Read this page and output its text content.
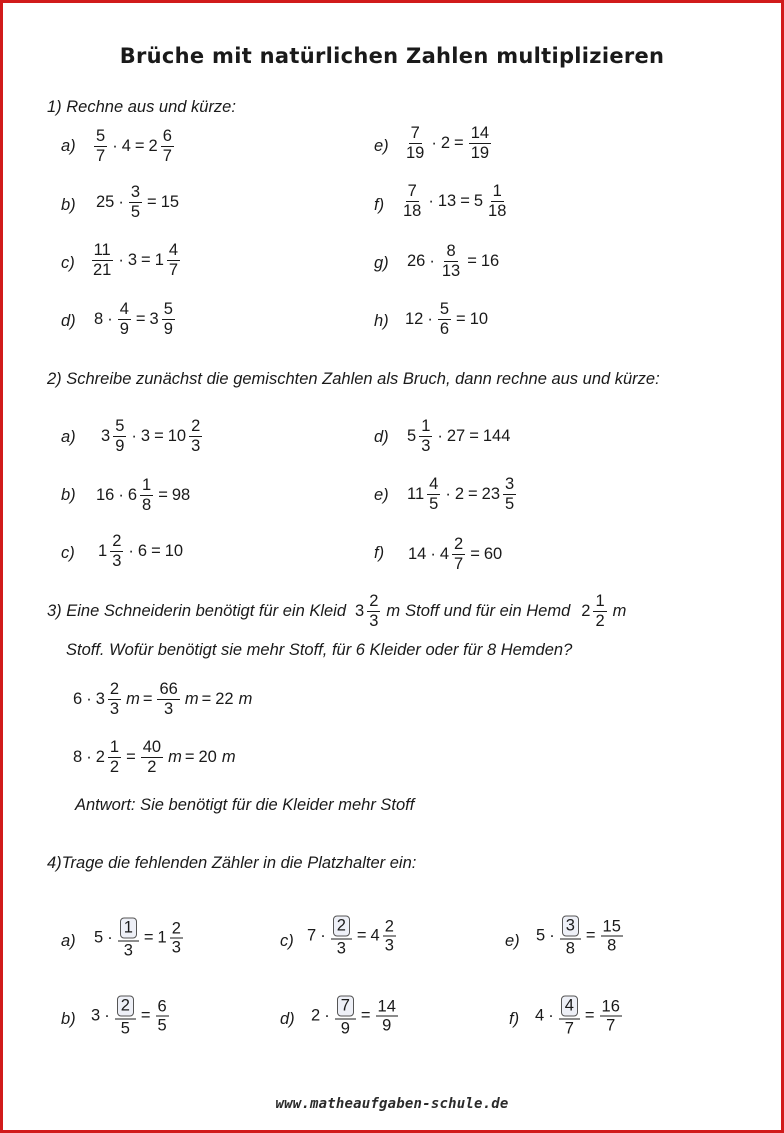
Brüche mit natürlichen Zahlen multiplizieren
1) Rechne aus und kürze:
a)
5
7
· 4 = 2
6
7
b) $25 \cdot \frac{3}{5} = 15$
c)
11
21
· 3 = 1
4
7
d) $8 \cdot \frac{4}{9} = 3$
5
9
e)
7
19
· $2 = \frac{14}{19}$
f)
7
18
· 13 = 5
1
18
g) $26 \cdot \frac{8}{13} = 16$
h) $12 \cdot \frac{5}{6} = 10$
2) Schreibe zunächst die gemischten Zahlen als Bruch, dann rechne aus und kürze:
a) 3
5
9
· 3 = 10
2
3
b) $16 \cdot 6 \frac{1}{8} = 98$
c) 1
2
3
· 6 = 10
d) 5
1
3
· 27 = 144
e) 11
4
5
· 2 = 23
3
5
f) $14 \cdot 4 \frac{2}{7} = 60$
3) Eine Schneiderin benötigt für ein Kleid 3
2
3
m Stoff und für ein Hemd 2
1
2
m
Stoff. Wofür benötigt sie mehr Stoff, für 6 Kleider oder für 8 Hemden?
6 · 3
2
3
$m = \frac{66}{3}$ m = 22 m
$8 \cdot 2 \frac{1}{2} = \frac{40}{2}$ m = 20 m
Antwort: Sie benötigt für die Kleider mehr Stoff
4)Trage die fehlenden Zähler in die Platzhalter ein:
a) $5 \cdot \frac{1}{3} = 1$
2
3
b) $3 \cdot \frac{2}{5} = \frac{6}{5}$
c) $7 \cdot \frac{2}{3} = 4$
2
3
d) $2 \cdot \frac{7}{9} = \frac{14}{9}$
e) $5 \cdot \frac{3}{8} = \frac{15}{8}$
f) $4 \cdot \frac{4}{7} = \frac{16}{7}$
www.matheaufgaben-schule.de
